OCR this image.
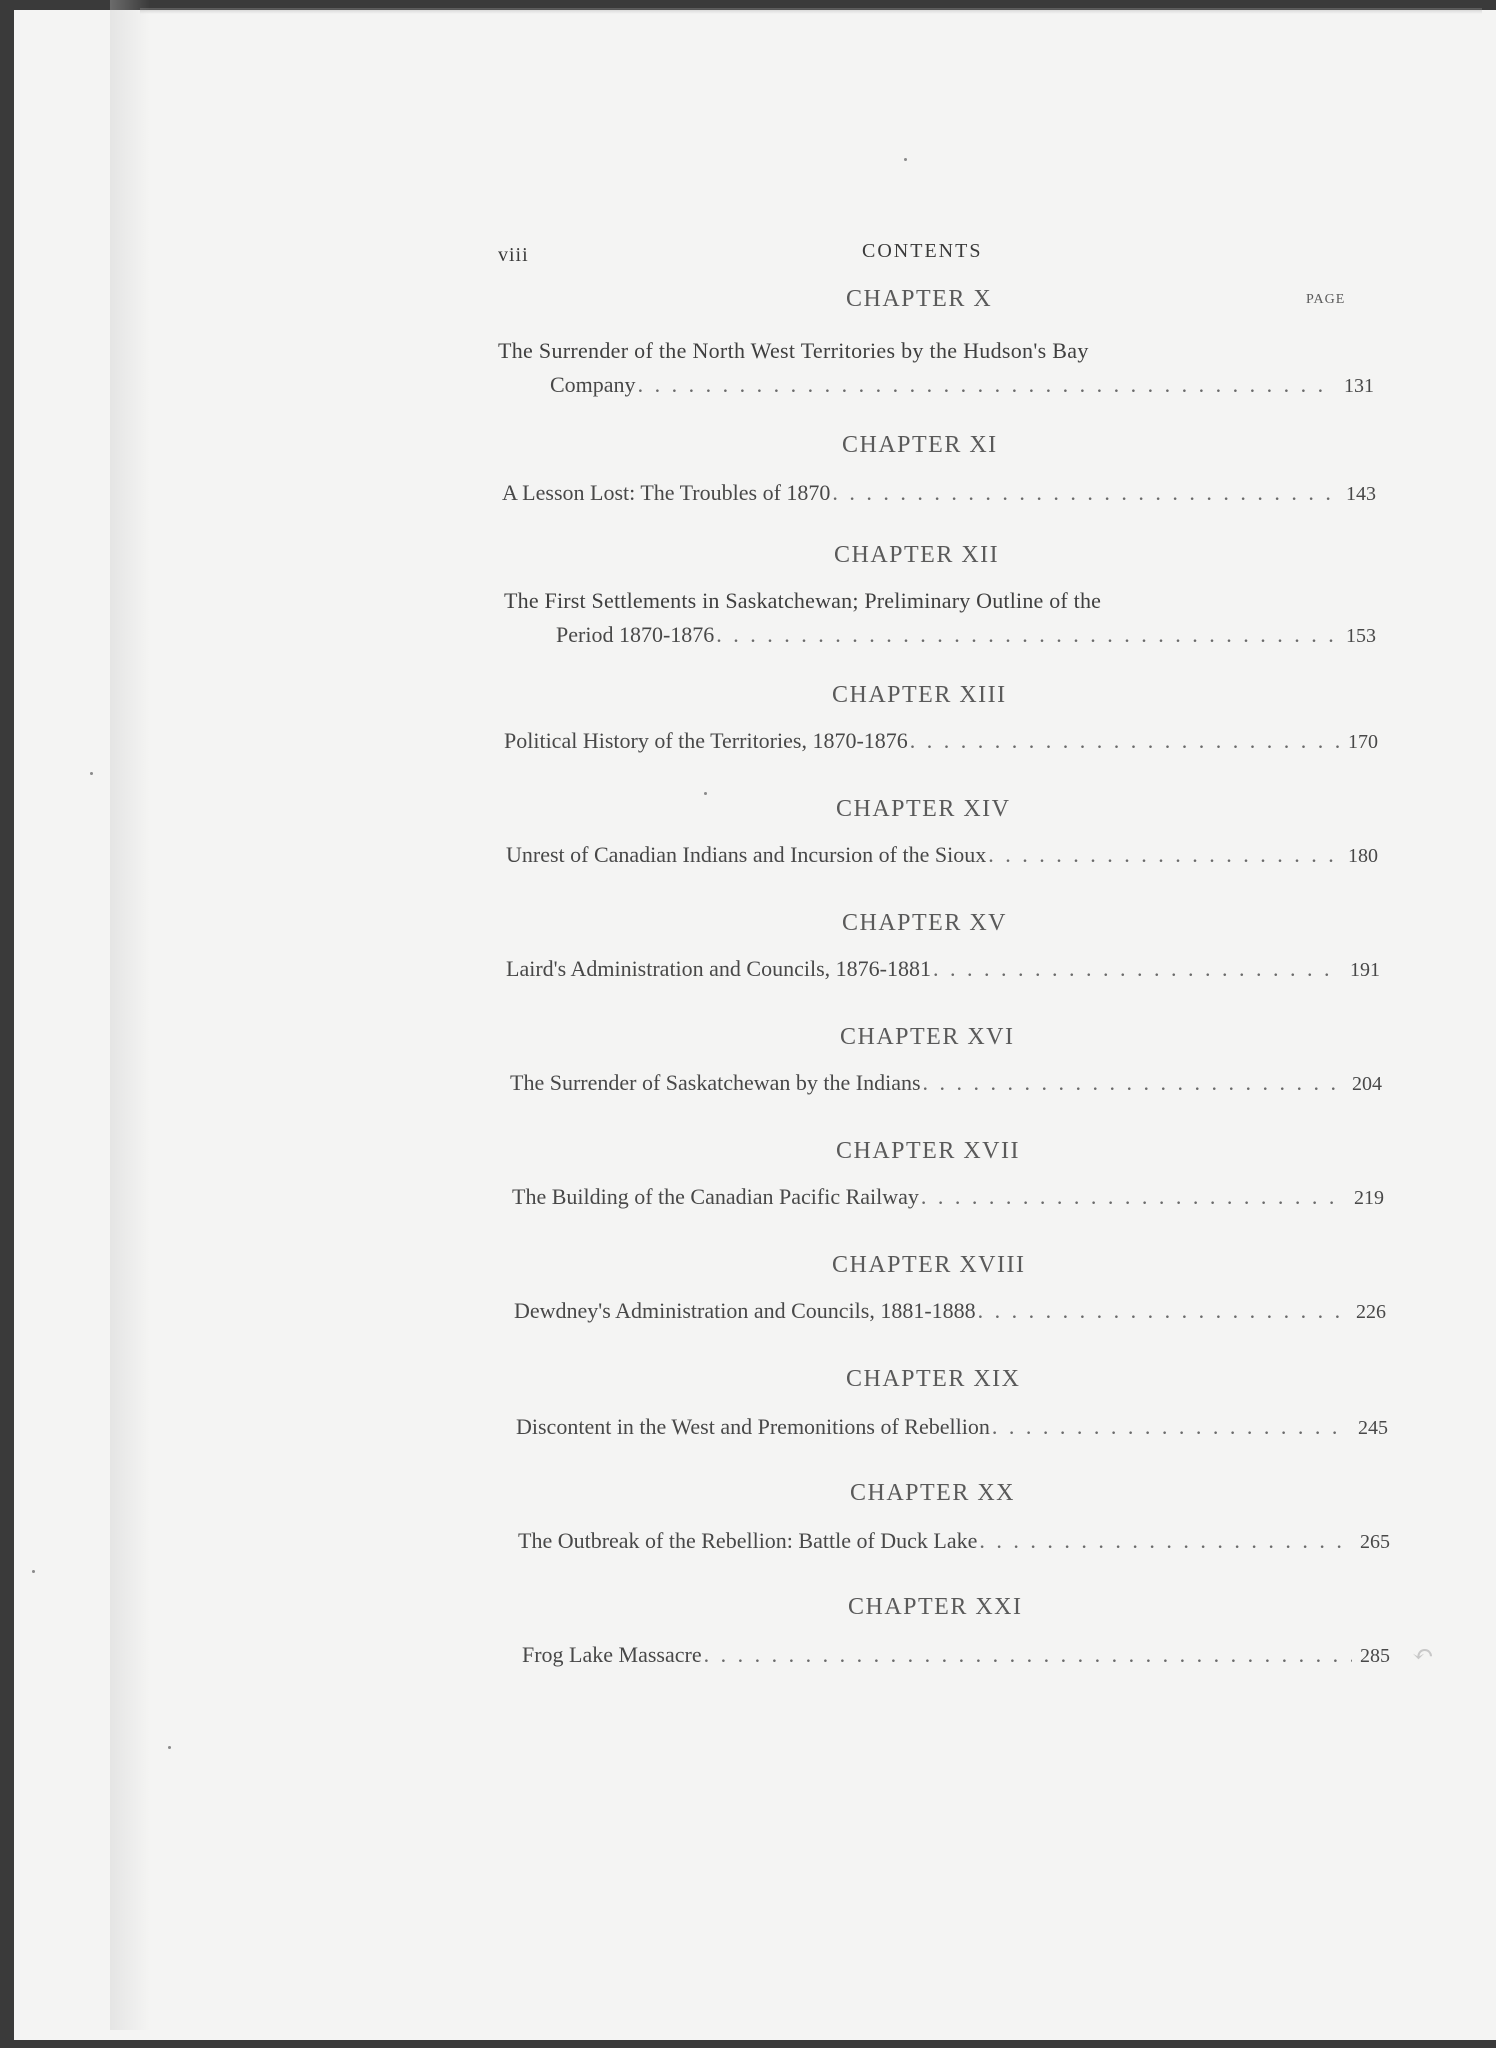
viii	CONTENTS
PAGE
CHAPTER X
The Surrender of the North West Territories by the Hudson's Bay
Company . . .	131
CHAPTER XI
A Lesson Lost: The Troubles of 1870 . . .	143
CHAPTER XII
The First Settlements in Saskatchewan; Preliminary Outline of the
Period 1870-1876 . . .	153
CHAPTER XIII
Political History of the Territories, 1870-1876 . . .	170
CHAPTER XIV
Unrest of Canadian Indians and Incursion of the Sioux . . .	180
CHAPTER XV
Laird's Administration and Councils, 1876-1881 . . .	191
CHAPTER XVI
The Surrender of Saskatchewan by the Indians . . .	204
CHAPTER XVII
The Building of the Canadian Pacific Railway . . .	219
CHAPTER XVIII
Dewdney's Administration and Councils, 1881-1888 . . .	226
CHAPTER XIX
Discontent in the West and Premonitions of Rebellion . . .	245
CHAPTER XX
The Outbreak of the Rebellion: Battle of Duck Lake . . .	265
CHAPTER XXI
Frog Lake Massacre . . .	285 ↶
